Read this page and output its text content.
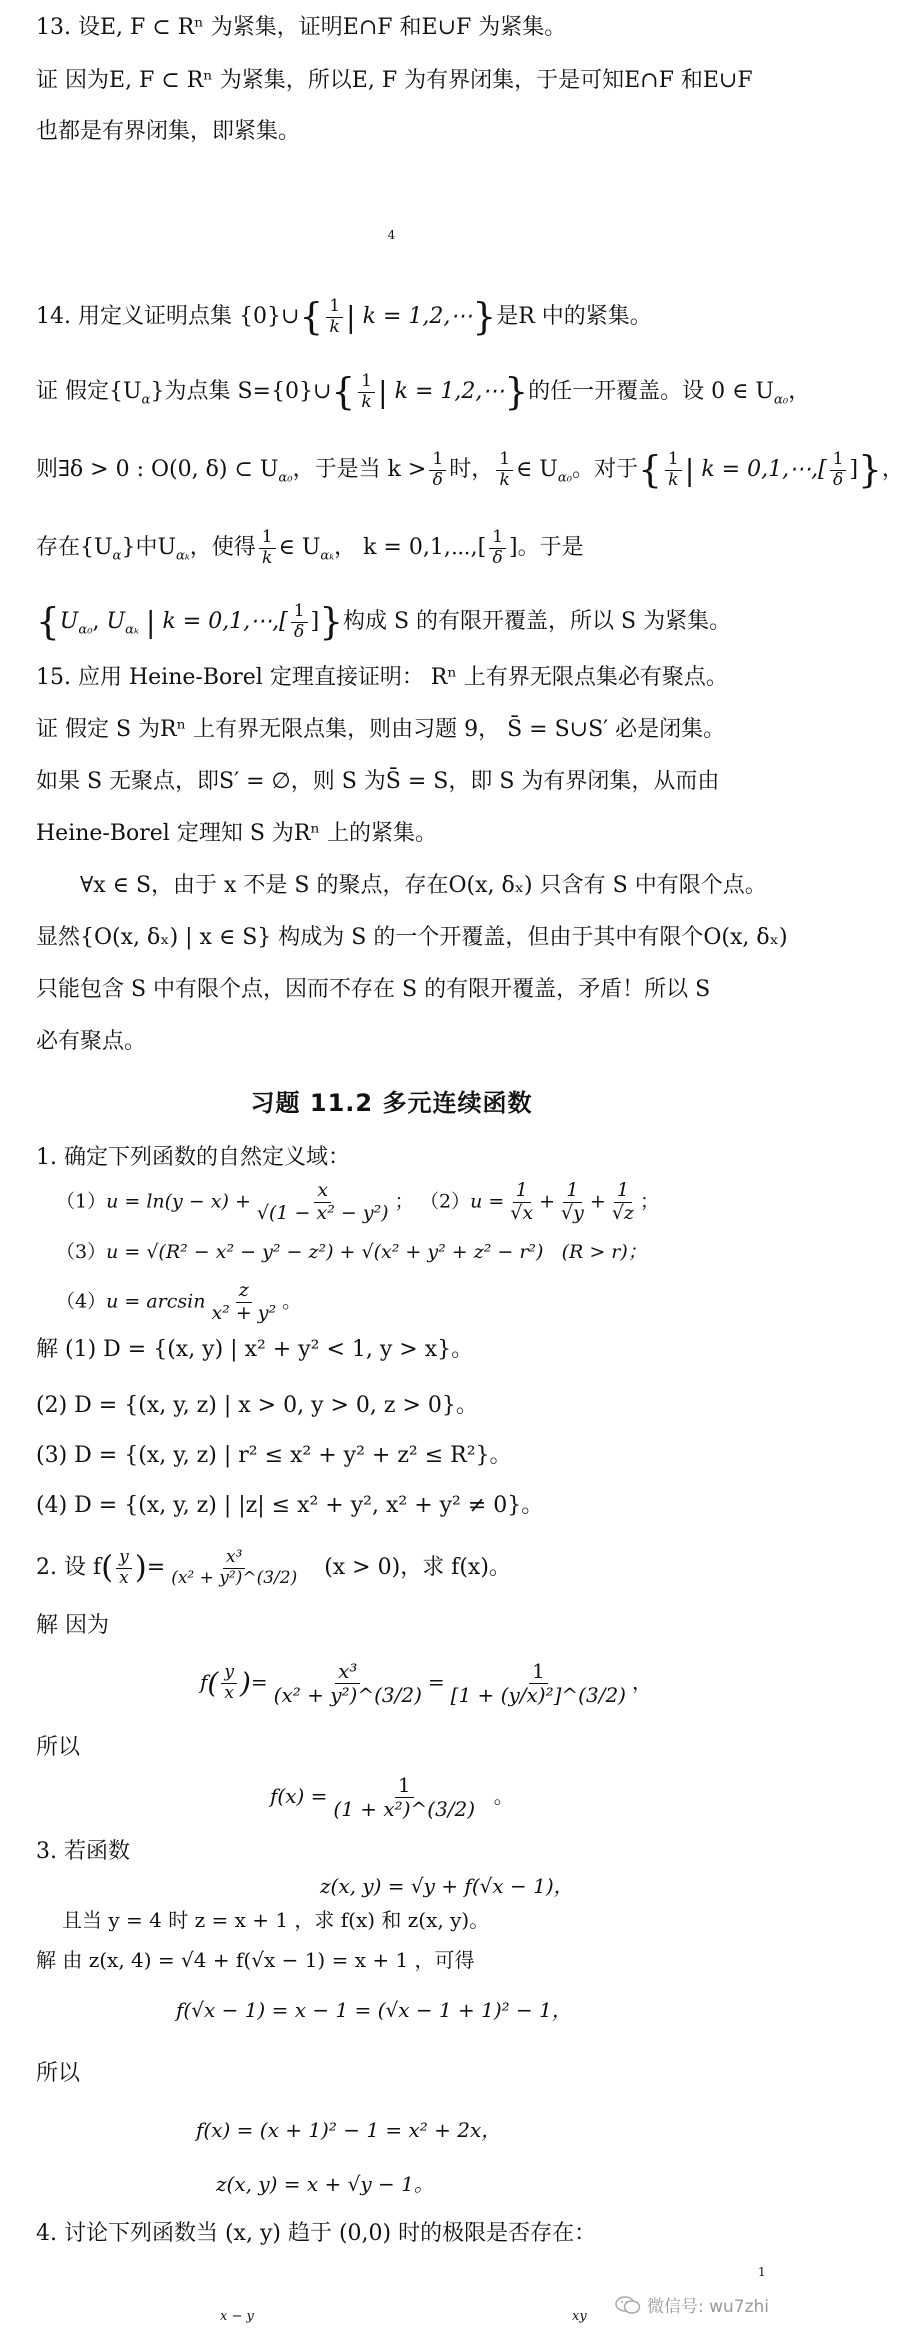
13. 设E, F ⊂ Rⁿ 为紧集，证明E∩F 和E∪F 为紧集。
证 因为E, F ⊂ Rⁿ 为紧集，所以E, F 为有界闭集，于是可知E∩F 和E∪F
也都是有界闭集，即紧集。
4
14. 用定义证明点集 {0}∪{ $\frac{1}{k}$ | k = 1,2,⋯}是R 中的紧集。
证 假定$\{U_\alpha\}$为点集 S={0}∪{ $\frac{1}{k}$ | k = 1,2,⋯}的任一开覆盖。设 0 ∈ $U_{\alpha_0}$，
则∃δ > 0 : O(0, δ) ⊂ $U_{\alpha_0}$，于是当 $k > \frac{1}{\delta}$ 时， $\frac{1}{k}$ ∈ $U_{\alpha_0}$。对于{ $\frac{1}{k}$ | k = 0,1,⋯,[ $\frac{1}{\delta}$ ]}，
存在$\{U_\alpha\}$中$U_{\alpha_k}$，使得 $\frac{1}{k}$ ∈ $U_{\alpha_k}$， k = 0,1,⋯,[ $\frac{1}{\delta}$ ]。于是
{$U_{\alpha_0}$, $U_{\alpha_k}$ | k = 0,1,⋯,[ $\frac{1}{\delta}$ ]}构成 S 的有限开覆盖，所以 S 为紧集。
15. 应用 Heine-Borel 定理直接证明： Rⁿ 上有界无限点集必有聚点。
证 假定 S 为Rⁿ 上有界无限点集，则由习题 9， S̄ = S∪S′ 必是闭集。
如果 S 无聚点，即S′ = ∅，则 S 为S̄ = S，即 S 为有界闭集，从而由
Heine-Borel 定理知 S 为Rⁿ 上的紧集。
∀x ∈ S，由于 x 不是 S 的聚点，存在O(x, δₓ) 只含有 S 中有限个点。
显然{O(x, δₓ) | x ∈ S} 构成为 S 的一个开覆盖，但由于其中有限个O(x, δₓ)
只能包含 S 中有限个点，因而不存在 S 的有限开覆盖，矛盾！所以 S
必有聚点。
习题 11.2 多元连续函数
1. 确定下列函数的自然定义域：
$(1)u = \ln(y - x) + \frac{x}{\text{√(1 − x² − y²)}}$ ； $(2)u = \frac{1}{√x} + \frac{1}{√y} + \frac{1}{√z}$ ；
（3）u = √(R² − x² − y² − z²) + √(x² + y² + z² − r²) (R > r)；
$(4)u = \arcsin \frac{z}{\text{x² + y²}}$ 。
解 (1) D = {(x, y) | x² + y² < 1, y > x}。
(2) D = {(x, y, z) | x > 0, y > 0, z > 0}。
(3) D = {(x, y, z) | r² ≤ x² + y² + z² ≤ R²}。
(4) D = {(x, y, z) | |z| ≤ x² + y², x² + y² ≠ 0}。
2. 设 $f( \frac{y}{x}$ )= $\frac{\text{x³}}{\text{(x² + y²)\textasciicircum{}(3/2)}} (x > 0)$，求 f(x)。
解 因为
$f( \frac{y}{x}$ )= $\frac{\text{x³}}{\text{(x² + y²)\textasciicircum{}(3/2)}} = \frac{1}{\text{[1 + (y/x)²]\textasciicircum{}(3/2)}}$ ，
所以
$f(x) = \frac{1}{\text{(1 + x²)\textasciicircum{}(3/2)}}$ 。
3. 若函数
z(x, y) = √y + f(√x − 1)，
且当 y = 4 时 z = x + 1 ，求 f(x) 和 z(x, y)。
解 由 z(x, 4) = √4 + f(√x − 1) = x + 1 ，可得
f(√x − 1) = x − 1 = (√x − 1 + 1)² − 1，
所以
f(x) = (x + 1)² − 1 = x² + 2x，
z(x, y) = x + √y − 1。
4. 讨论下列函数当 (x, y) 趋于 (0,0) 时的极限是否存在：
x − y	xy
1
微信号: wu7zhi
